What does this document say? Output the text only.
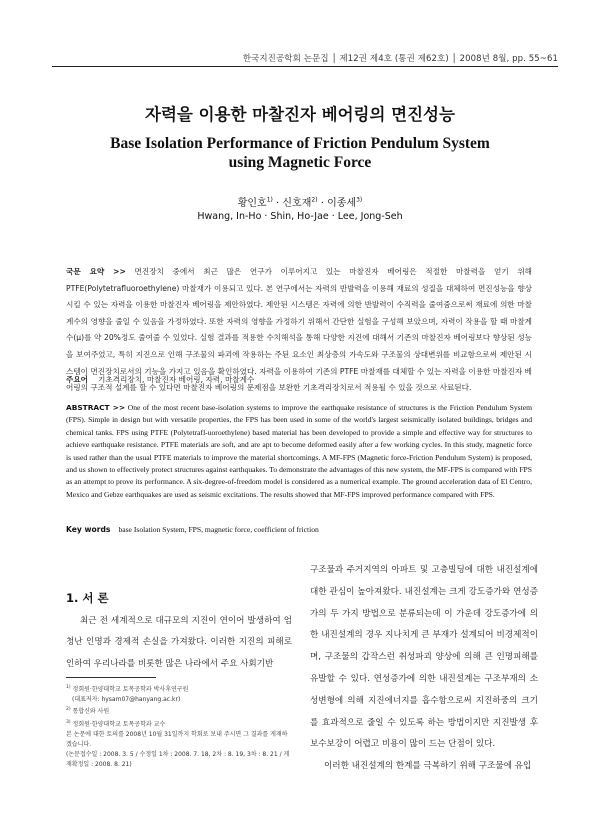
한국지진공학회 논문집 │ 제12권 제4호 (통권 제62호) │ 2008년 8월, pp. 55~61
자력을 이용한 마찰진자 베어링의 면진성능
Base Isolation Performance of Friction Pendulum System
using Magnetic Force
황인호$^{1)}$ · 신호재$^{2)}$ · 이종세$^{3)}$
Hwang, In-Ho · Shin, Ho-Jae · Lee, Jong-Seh
국문 요약 >> 면진장치 중에서 최근 많은 연구가 이루어지고 있는 마찰진자 베어링은 적절한 마찰력을 얻기 위해 PTFE(Polytetrafluoroethylene) 마찰재가 이용되고 있다. 본 연구에서는 자력의 반발력을 이용해 재료의 성질을 대체하여 면진성능을 향상 시킬 수 있는 자력을 이용한 마찰진자 베어링을 제안하였다. 제안된 시스템은 자력에 의한 반발력이 수직력을 줄여줌으로써 재료에 의한 마찰계수의 영향을 줄일 수 있음을 가정하였다. 또한 자력의 영향을 가정하기 위해서 간단한 실험을 구성해 보았으며, 자력이 작용을 할 때 마찰계수(μ)를 약 20%정도 줄여줄 수 있었다. 실험 결과를 적용한 수치해석을 통해 다양한 지진에 대해서 기존의 마찰진자 베어링보다 향상된 성능을 보여주었고, 특히 지진으로 인해 구조물의 파괴에 작용하는 주된 요소인 최상층의 가속도와 구조물의 상대변위를 비교함으로써 제안된 시스템이 면진장치로서의 기능을 가지고 있음을 확인하였다. 자력을 이용하여 기존의 PTFE 마찰재를 대체할 수 있는 자력을 이용한 마찰진자 베어링의 구조적 설계를 할 수 있다면 마찰진자 베어링의 문제점을 보완한 기초격리장치로서 적용될 수 있을 것으로 사료된다.
주요어 기초격리장치, 마찰진자 베어링, 자력, 마찰계수
ABSTRACT >> One of the most recent base-isolation systems to improve the earthquake resistance of structures is the Friction Pendulum System (FPS). Simple in design but with versatile properties, the FPS has been used in some of the world's largest seismically isolated buildings, bridges and chemical tanks. FPS using PTFE (Polytetrafl-uoroethylene) based material has been developed to provide a simple and effective way for structures to achieve earthquake resistance. PTFE materials are soft, and are apt to become deformed easily after a few working cycles. In this study, magnetic force is used rather than the usual PTFE materials to improve the material shortcomings. A MF-FPS (Magnetic force-Friction Pendulum System) is proposed, and us shown to effectively protect structures against earthquakes. To demonstrate the advantages of this new system, the MF-FPS is compared with FPS as an attempt to prove its performance. A six-degree-of-freedom model is considered as a numerical example. The ground acceleration data of El Centro, Mexico and Gebze earthquakes are used as seismic excitations. The results showed that MF-FPS improved performance compared with FPS.
Key words base Isolation System, FPS, magnetic force, coefficient of friction
1. 서 론
최근 전 세계적으로 대규모의 지진이 연이어 발생하여 엄청난 인명과 경제적 손실을 가져왔다. 이러한 지진의 피해로 인하여 우리나라를 비롯한 많은 나라에서 주요 사회기반
$^{1)}$ 정회원·한양대학교 토목공학과 박사후연구원
(대표저자: hysam07@hanyang.ac.kr)
$^{2)}$ 통합신와 사원
$^{3)}$ 정회원·한양대학교 토목공학과 교수
본 논문에 대한 토의를 2008년 10월 31일까지 학회로 보내 주시면 그 결과를 게재하겠습니다.
(논문접수일 : 2008. 3. 5 / 수정일 1차 : 2008. 7. 18, 2차 : 8. 19, 3차 : 8. 21 / 게재확정일 : 2008. 8. 21)
구조물과 주거지역의 아파트 및 고층빌딩에 대한 내진설계에 대한 관심이 높아져왔다. 내진설계는 크게 강도증가와 연성증가의 두 가지 방법으로 분류되는데 이 가운데 강도증가에 의한 내진설계의 경우 지나치게 큰 부재가 설계되어 비경제적이며, 구조물의 갑작스런 취성파괴 양상에 의해 큰 인명피해를 유발할 수 있다. 연성증가에 의한 내진설계는 구조부재의 소성변형에 의해 지진에너지를 흡수함으로써 지진하중의 크기를 효과적으로 줄일 수 있도록 하는 방법이지만 지진발생 후 보수보강이 어렵고 비용이 많이 드는 단점이 있다.
이러한 내진설계의 한계를 극복하기 위해 구조물에 유입
